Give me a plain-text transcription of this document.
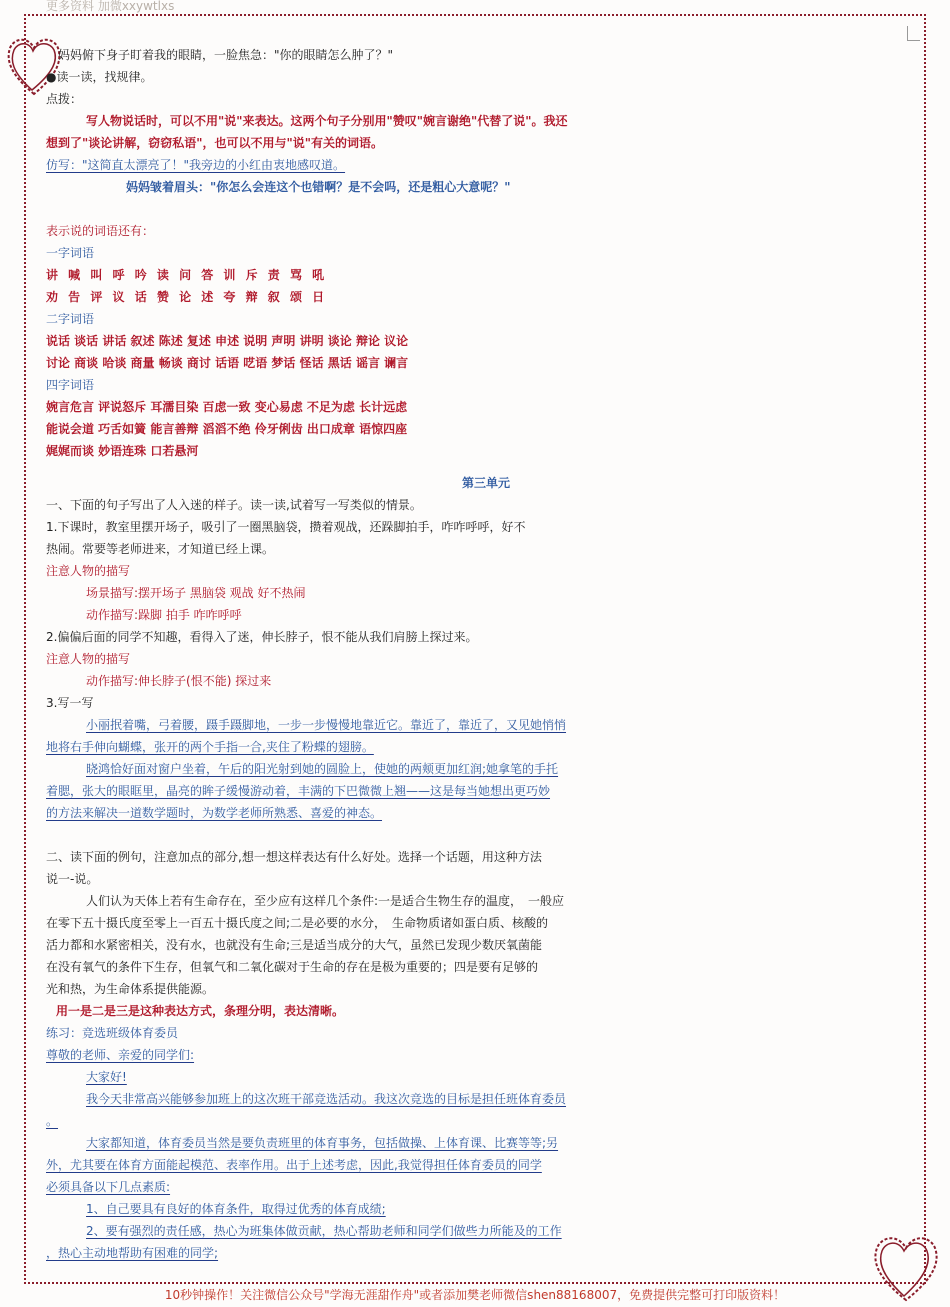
更多资料 加微xxywtlxs
妈妈俯下身子盯着我的眼睛，一脸焦急："你的眼睛怎么肿了？"
●读一读，找规律。
点拨：
写人物说话时，可以不用"说"来表达。这两个句子分别用"赞叹"婉言谢绝"代替了说"。我还
想到了"谈论讲解，窃窃私语"，也可以不用与"说"有关的词语。
仿写："这简直太漂亮了！"我旁边的小红由衷地感叹道。
妈妈皱着眉头："你怎么会连这个也错啊？是不会吗，还是粗心大意呢？"
表示说的词语还有：
一字词语
讲 喊 叫 呼 吟 读 问 答 训 斥 责 骂 吼
劝 告 评 议 话 赞 论 述 夸 辩 叙 颂 日
二字词语
说话 谈话 讲话 叙述 陈述 复述 申述 说明 声明 讲明 谈论 辩论 议论
讨论 商谈 哈谈 商量 畅谈 商讨 话语 呓语 梦话 怪话 黑话 谣言 谰言
四字词语
婉言危言 评说怒斥 耳濡目染 百虑一致 变心易虑 不足为虑 长计远虑
能说会道 巧舌如簧 能言善辩 滔滔不绝 伶牙俐齿 出口成章 语惊四座
娓娓而谈 妙语连珠 口若悬河
第三单元
一、下面的句子写出了人入迷的样子。读一读,试着写一写类似的情景。
1.下课时，教室里摆开场子，吸引了一圈黑脑袋，攒着观战，还跺脚拍手，咋咋呼呼，好不
热闹。常要等老师进来，才知道已经上课。
注意人物的描写
场景描写:摆开场子 黑脑袋 观战 好不热闹
动作描写:跺脚 拍手 咋咋呼呼
2.偏偏后面的同学不知趣，看得入了迷，伸长脖子，恨不能从我们肩膀上探过来。
注意人物的描写
动作描写:伸长脖子(恨不能) 探过来
3.写一写
小丽抿着嘴，弓着腰，蹑手蹑脚地，一步一步慢慢地靠近它。靠近了，靠近了，又见她悄悄
地将右手伸向蝴蝶，张开的两个手指一合,夹住了粉蝶的翅膀。
晓鸿恰好面对窗户坐着，午后的阳光射到她的圆脸上，使她的两颊更加红润;她拿笔的手托
着腮，张大的眼眶里，晶亮的眸子缓慢游动着，丰满的下巴微微上翘——这是每当她想出更巧妙
的方法来解决一道数学题时，为数学老师所熟悉、喜爱的神态。
二、读下面的例句，注意加点的部分,想一想这样表达有什么好处。选择一个话题，用这种方法
说一-说。
人们认为天体上若有生命存在，至少应有这样几个条件:一是适合生物生存的温度，　一般应
在零下五十摄氏度至零上一百五十摄氏度之间;二是必要的水分，　生命物质诸如蛋白质、核酸的
活力都和水紧密相关，没有水，也就没有生命;三是适当成分的大气，虽然已发现少数厌氧菌能
在没有氧气的条件下生存，但氧气和二氧化碳对于生命的存在是极为重要的；四是要有足够的
光和热，为生命体系提供能源。
用一是二是三是这种表达方式，条理分明，表达清晰。
练习：竞选班级体育委员
尊敬的老师、亲爱的同学们:
大家好!
我今天非常高兴能够参加班上的这次班干部竞选活动。我这次竞选的目标是担任班体育委员
。
大家都知道，体育委员当然是要负责班里的体育事务，包括做操、上体育课、比赛等等;另
外，尤其要在体育方面能起模范、表率作用。出于上述考虑，因此,我觉得担任体育委员的同学
必须具备以下几点素质:
1、自己要具有良好的体育条件，取得过优秀的体育成绩;
2、要有强烈的责任感，热心为班集体做贡献，热心帮助老师和同学们做些力所能及的工作
，热心主动地帮助有困难的同学;
10秒钟操作！关注微信公众号"学海无涯甜作舟"或者添加樊老师微信shen88168007，免费提供完整可打印版资料！
